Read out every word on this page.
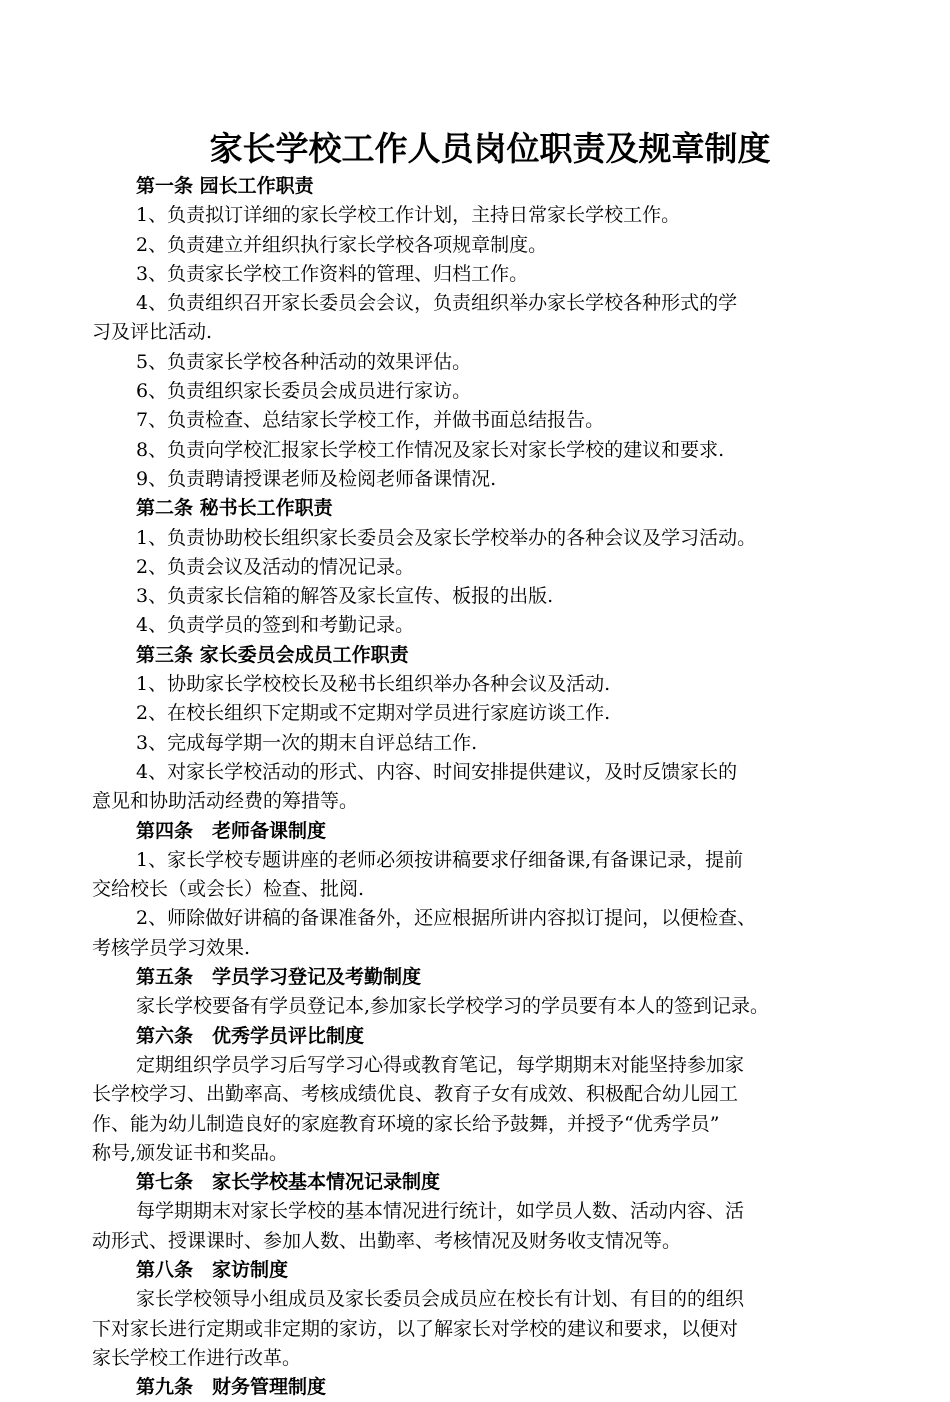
家长学校工作人员岗位职责及规章制度

第一条 园长工作职责

1、负责拟订详细的家长学校工作计划，主持日常家长学校工作。

2、负责建立并组织执行家长学校各项规章制度。

3、负责家长学校工作资料的管理、归档工作。

4、负责组织召开家长委员会会议，负责组织举办家长学校各种形式的学

习及评比活动.

5、负责家长学校各种活动的效果评估。

6、负责组织家长委员会成员进行家访。

7、负责检查、总结家长学校工作，并做书面总结报告。

8、负责向学校汇报家长学校工作情况及家长对家长学校的建议和要求.

9、负责聘请授课老师及检阅老师备课情况.

第二条 秘书长工作职责

1、负责协助校长组织家长委员会及家长学校举办的各种会议及学习活动。

2、负责会议及活动的情况记录。

3、负责家长信箱的解答及家长宣传、板报的出版.

4、负责学员的签到和考勤记录。

第三条 家长委员会成员工作职责

1、协助家长学校校长及秘书长组织举办各种会议及活动.

2、在校长组织下定期或不定期对学员进行家庭访谈工作.

3、完成每学期一次的期末自评总结工作.

4、对家长学校活动的形式、内容、时间安排提供建议，及时反馈家长的

意见和协助活动经费的筹措等。

第四条　老师备课制度

1、家长学校专题讲座的老师必须按讲稿要求仔细备课,有备课记录，提前

交给校长（或会长）检查、批阅.

2、师除做好讲稿的备课准备外，还应根据所讲内容拟订提问，以便检查、

考核学员学习效果.

第五条　学员学习登记及考勤制度

家长学校要备有学员登记本,参加家长学校学习的学员要有本人的签到记录。

第六条　优秀学员评比制度

定期组织学员学习后写学习心得或教育笔记，每学期期末对能坚持参加家

长学校学习、出勤率高、考核成绩优良、教育子女有成效、积极配合幼儿园工

作、能为幼儿制造良好的家庭教育环境的家长给予鼓舞，并授予“优秀学员”

称号,颁发证书和奖品。

第七条　家长学校基本情况记录制度

每学期期末对家长学校的基本情况进行统计，如学员人数、活动内容、活

动形式、授课课时、参加人数、出勤率、考核情况及财务收支情况等。

第八条　家访制度

家长学校领导小组成员及家长委员会成员应在校长有计划、有目的的组织

下对家长进行定期或非定期的家访，以了解家长对学校的建议和要求，以便对

家长学校工作进行改革。

第九条　财务管理制度
